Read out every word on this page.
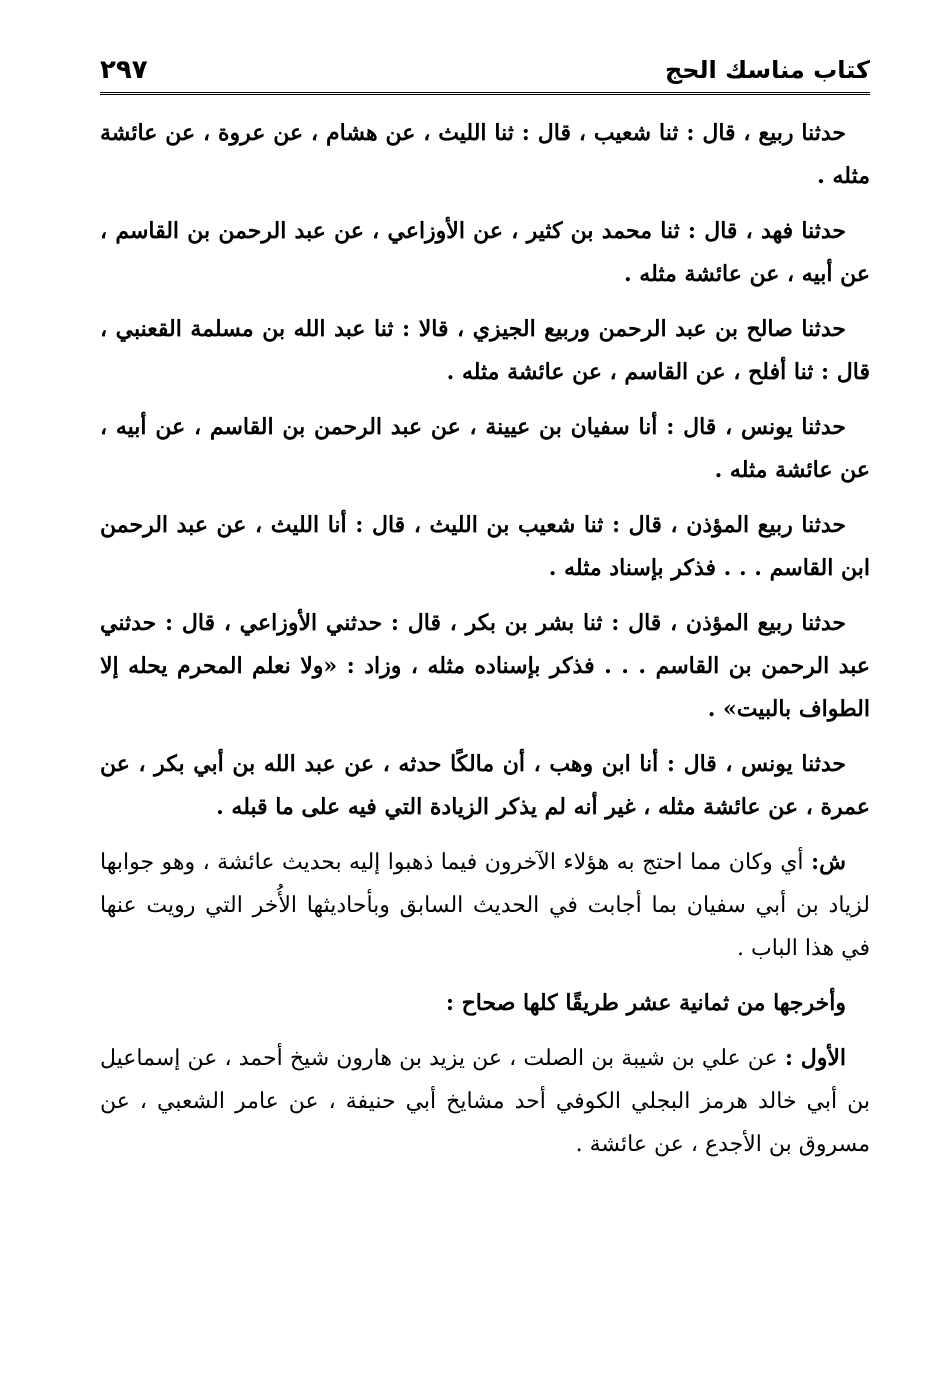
كتاب مناسك الحج
٢٩٧

حدثنا ربيع ، قال : ثنا شعيب ، قال : ثنا الليث ، عن هشام ، عن عروة ، عن عائشة مثله .

حدثنا فهد ، قال : ثنا محمد بن كثير ، عن الأوزاعي ، عن عبد الرحمن بن القاسم ، عن أبيه ، عن عائشة مثله .

حدثنا صالح بن عبد الرحمن وربيع الجيزي ، قالا : ثنا عبد الله بن مسلمة القعنبي ، قال : ثنا أفلح ، عن القاسم ، عن عائشة مثله .

حدثنا يونس ، قال : أنا سفيان بن عيينة ، عن عبد الرحمن بن القاسم ، عن أبيه ، عن عائشة مثله .

حدثنا ربيع المؤذن ، قال : ثنا شعيب بن الليث ، قال : أنا الليث ، عن عبد الرحمن ابن القاسم . . . فذكر بإسناد مثله .

حدثنا ربيع المؤذن ، قال : ثنا بشر بن بكر ، قال : حدثني الأوزاعي ، قال : حدثني عبد الرحمن بن القاسم . . . فذكر بإسناده مثله ، وزاد : «ولا نعلم المحرم يحله إلا الطواف بالبيت» .

حدثنا يونس ، قال : أنا ابن وهب ، أن مالكًا حدثه ، عن عبد الله بن أبي بكر ، عن عمرة ، عن عائشة مثله ، غير أنه لم يذكر الزيادة التي فيه على ما قبله .

ش: أي وكان مما احتج به هؤلاء الآخرون فيما ذهبوا إليه بحديث عائشة ، وهو جوابها لزياد بن أبي سفيان بما أجابت في الحديث السابق وبأحاديثها الأُخر التي رويت عنها في هذا الباب .

وأخرجها من ثمانية عشر طريقًا كلها صحاح :

الأول : عن علي بن شيبة بن الصلت ، عن يزيد بن هارون شيخ أحمد ، عن إسماعيل بن أبي خالد هرمز البجلي الكوفي أحد مشايخ أبي حنيفة ، عن عامر الشعبي ، عن مسروق بن الأجدع ، عن عائشة .
